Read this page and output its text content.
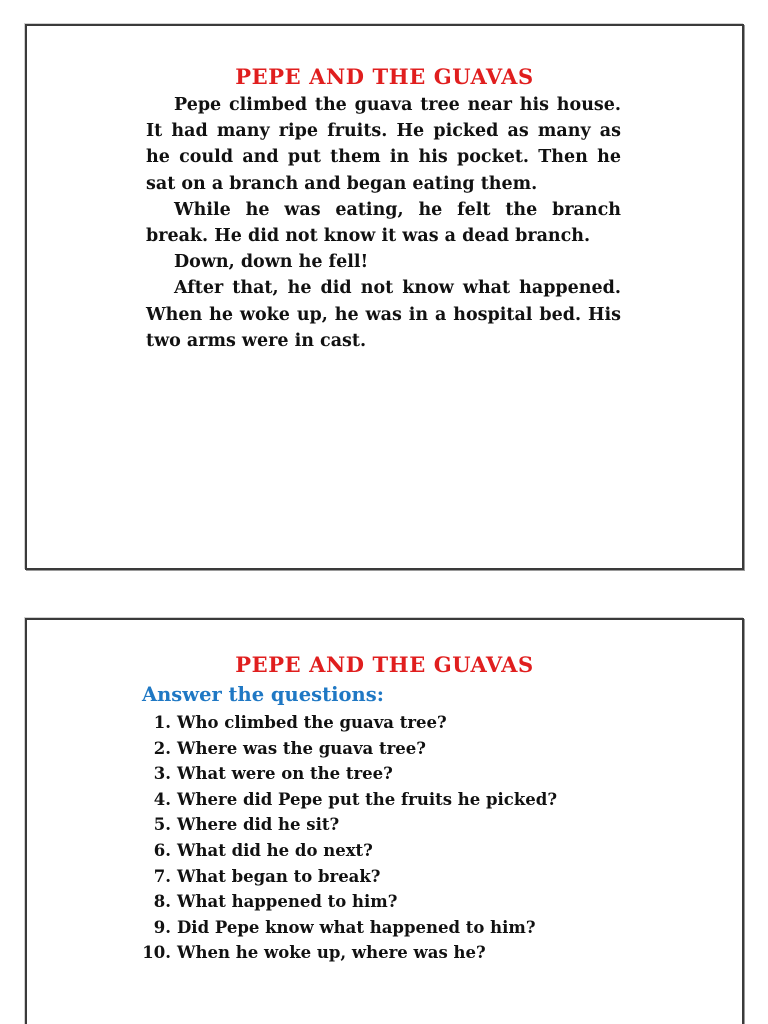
PEPE AND THE GUAVAS

Pepe climbed the guava tree near his house. It had many ripe fruits. He picked as many as he could and put them in his pocket. Then he sat on a branch and began eating them.

While he was eating, he felt the branch break. He did not know it was a dead branch.

Down, down he fell!

After that, he did not know what happened. When he woke up, he was in a hospital bed. His two arms were in cast.

PEPE AND THE GUAVAS
Answer the questions:
1. Who climbed the guava tree?
2. Where was the guava tree?
3. What were on the tree?
4. Where did Pepe put the fruits he picked?
5. Where did he sit?
6. What did he do next?
7. What began to break?
8. What happened to him?
9. Did Pepe know what happened to him?
10. When he woke up, where was he?
